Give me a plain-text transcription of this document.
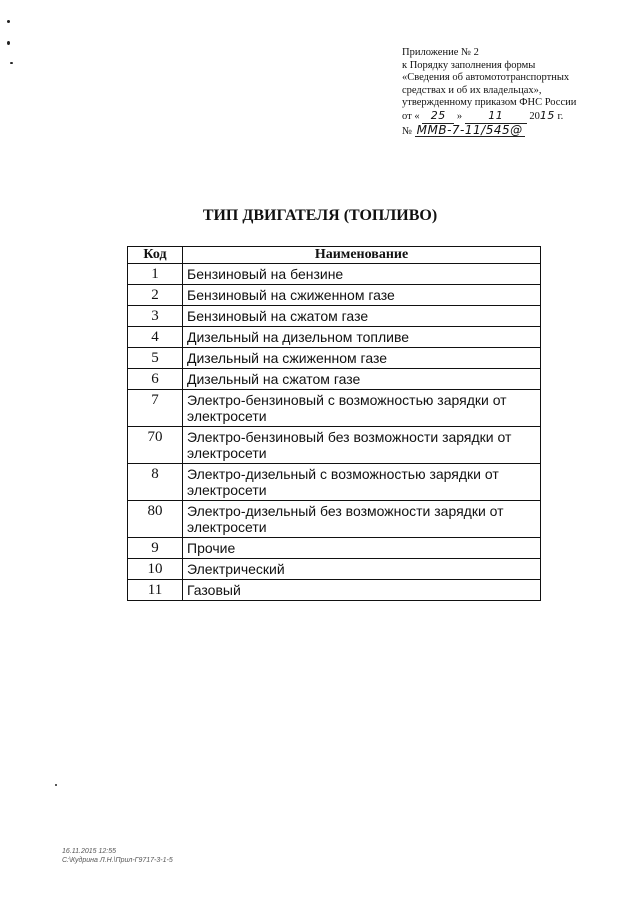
Приложение № 2
к Порядку заполнения формы
«Сведения об автомототранспортных
средствах и об их владельцах»,
утвержденному приказом ФНС России
от « 25 » 11 2015 г.
№ ММВ-7-11/545@
ТИП ДВИГАТЕЛЯ (ТОПЛИВО)
Код	Наименование
1	Бензиновый на бензине
2	Бензиновый на сжиженном газе
3	Бензиновый на сжатом газе
4	Дизельный на дизельном топливе
5	Дизельный на сжиженном газе
6	Дизельный на сжатом газе
7	Электро-бензиновый с возможностью зарядки от электросети
70	Электро-бензиновый без возможности зарядки от электросети
8	Электро-дизельный с возможностью зарядки от электросети
80	Электро-дизельный без возможности зарядки от электросети
9	Прочие
10	Электрический
11	Газовый
16.11.2015 12:55
С:\Кудрина Л.Н.\Прил-Г9717-3-1-5
